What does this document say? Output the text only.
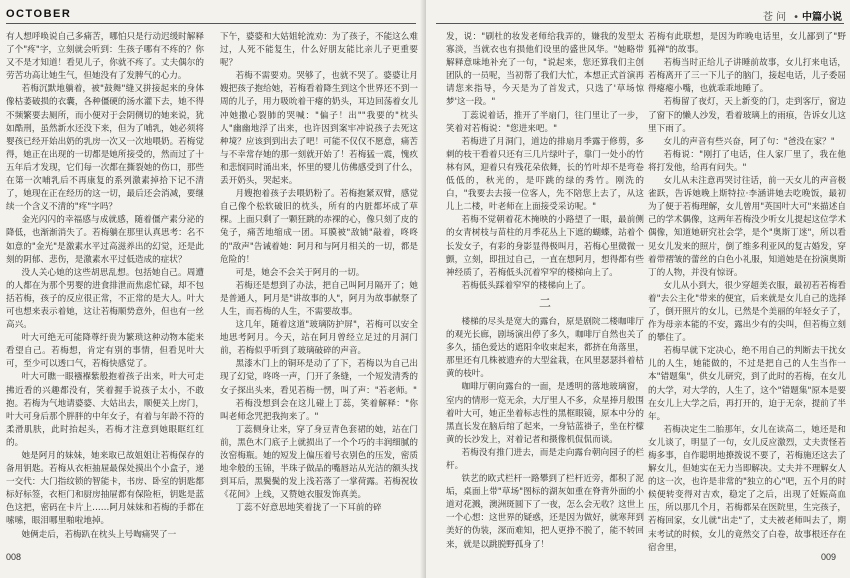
OCTOBER

有人想呼唤说自己多痛苦，哪怕只是行动迟缓时解释了个"疼"字，立刻就会听到：生孩子哪有不疼的？你又不是才知道！看见儿子，你就不疼了。丈夫偶尔的劳苦功高让她生气，但她没有了发脾气的心力。

若梅沉默地躺着，被"鼓舞"缝又拼接起来的身体像枯萎破损的衣囊，各种僵硬的汤水灌下去，她不得不频繁要去厕所，而小便对于会阴侧切的她来说，犹如酷刑，虽然新水还没下来，但为了哺乳，她必须将婴孩已经开始出奶的乳房一次又一次地喂奶。若梅觉得，她正在出现的一切都是她所接受的，然而过了十五年后才发现，它们每一次都在撕裂她的伤口，那些在第一次哺乳后不再康复的系列激素掉拾下记不清了，她现在正在经历的这一切，最后还会消减，要继续一个含义不清的"疼"字吗？

金光闪闪的幸福感与成就感，随着僵产素分泌的降低，也渐渐消失了。若梅躺在那里认真思考：名不如意的"金光"是激素水平过高滋养出的幻觉，还是此刻的阴郁、悲伤，是激素水平过低造成的症状？

没人关心她的这些胡思乱想。包括她自己。周遭的人都在为那个男婴的进食排泄而焦虑忙碌，却不包括若梅，孩子的反应很正常，不正常的是大人。叶大可也想来表示着她，这让若梅顺势意外，但也有一丝高兴。

叶大可绝无可能降尊纡贵为繁琐这种动物本能来看望自己。若梅想，肯定有别的事情，但看见叶大可，至少可以透口气，若梅快感觉了。

叶大可瞧一眼襁褓紫般抱着孩子出来，叶大可走拂近看的兴趣都没有，笑着握手说孩子太小，不敢抱。若梅为气地请婆婆、大姑出去，顺便关上房门，叶大可身后那个胖胖的中年女子，有着与年龄不符的柔滑肌肤，此时抬起头，若梅才注意到她眼眶红红的。

她是阿月的妹妹，她来取已故姐姐让若梅保存的备用钥匙。若梅从衣柜抽屉最保处摸出个小盒子，递一交代：大门指纹锁的智能卡，书房、卧室的钥匙都标好标签，衣柜门和厨房抽屉都有保险柜，钥匙是蓝色这把，密码在卡片上……阿月妹妹和若梅的手都在嗦嗦，眼泪哪里啪啦地掉。

她俩走后，若梅趴在枕头上号啕痛哭了一

下午，婆婆和大姑姐轮流劝：为了孩子，不能这么难过，人死不能复生，什么好朋友能比亲儿子更重要呢？

若梅不需要劝。哭够了，也就不哭了。婆婆让月嫂把孩子抱给她，若梅看着降生到这个世界还不到一周的儿子，用力吸吮着干瘪的奶头，耳边回荡着女儿冲她撒心裂肺的哭喊："偏子！出""我要的"枕头人"幽幽地浮了出来，也许因到案牢冲说孩子去死这种境？应该到到出去了吧！可能不仅仅不愿意，痛苦与不幸常存她的那一刻就开始了！若梅猛一震，愧疚和悲悯同时涌出来，怀里的婴儿仿佛感受到了什么，丢开奶头，哭起来。

月嫂抱着孩子去喂奶粉了。若梅抱紧双臂，感觉自己像个松软破旧的枕头，所有的内脏都坏成了草棵。上面只剩了一颗狂跳的赤裸的心，像只刻了皮的兔子，痛苦地缩成一团。耳膜被"敌铺"敲着，咚咚的"敌声"告诫着她：阿月和与阿月相关的一切，都是危险的！

可是，她会不会关于阿月的一切。

若梅还是想到了办法，把自己叫阿月隔开了；她是普通人，阿月是"讲故事的人"，阿月为故事献祭了人生，而若梅的人生，不需要故事。

这几年，随着这道"玻璃防护屏"，若梅可以安全地思考阿月。今天，站在阿月曾经立足过的月洞门前，若梅似乎听到了玻璃破碎的声音。

黑漆木门上的铜环是动了了下，若梅以为自己出现了幻觉，咚咚一声，门开了条缝，一个短发清秀的女子探出头来，看见若梅一愣，叫了声："若老师。"

若梅没想到会在这儿碰上丁蕊，笑着解释："你叫老师念咒把我拘来了。"

丁蕊侧身让来，穿了身豆青色套裙的她，站在门前，黑色木门底子上就损出了一个个巧的丰润细腻的汝窑梅瓶。她的短发上偏压着号衣别色的压发，密质地伞般的玉锦，半珠子做品的嘴唇站从光洁的额头找到耳后，黑鬓鬓的发上浅若落了一掌荷露。若梅祝妆《花间》上线，又赞她衣服发饰真美。

丁蕊不好意思地笑着拢了一下耳前的碎

008
苍 问 • 中篇小说

发，说："刷杜的妆发老师给我弄的，嫌我的发型太寡淡，当就衣也有损他们设里的盛世风华。"她略带解释意味地补充了一句，"说起来，您还算我们主创团队的一员呢，当初帮了我们大忙，本想正式首演再请您来指导，今天是为了首发式，只选了'草场惊梦'这一段。"

丁蕊说着话，推开了半扇门，往门里让了一步，笑着对若梅说："您进来吧。"

若梅进了月洞门，道边的排扇月季露于修剪，多刺的枝干看着只还有三几片绿叶子，靠门一处小的竹林有风，迎着只有残花朵依舞，长的竹叶却不是弯卷低低的，秋光的，是吓跳的绿的秀竹。刚洗的白，"我要去去接一位客人，先不陪您上去了，从这儿上二楼，叶老师在上面接受采访呢。"

若梅不觉朝着花木掩映的小路望了一眼，最前侧的女青树枝与苗柱的月季花丛上下遮的蝴蝶，站着个长发女子，有彩的身影显得极叫月，若梅心里微微一颤，立刻，即扭过自己，一直在想阿月，想得都有些神经质了，若梅低头沉着窄窄的楼梯向上了。

若梅低头踩着窄窄的楼梯向上了。

二

楼梯的尽头是宽大的露台，原是剧院二楼咖啡厅的观光长廊，剧场演出停了多久，咖啡厅自然也关了多久，插色爱达的遮阳伞收束起来，都挤在角落里，那里还有几株被遗弃的大型盆栽，在风里瑟瑟抖着枯黄的枝叶。

咖啡厅朝向露台的一面，是透明的落地玻璃窗，室内的情形一览无余，大厅里人不多，众星捧月般围着叶大可，她正坐着标志性的黑框眼镜，原本中分的黑直长发在脑后绾了起来，一身钴蓝褂子，坐在柠檬黄的长沙发上，对着记者和摄像机侃侃而谈。

若梅没有推门进去，而是走向露台朝向园子的栏杆。

铁艺的欧式栏杆一路攀到了栏杆近旁，都积了泥垢，桌面上带"草场"图标的湖灰如重在脊背外面的小道对花溅，澳洲斑圆下了一夜，怎么会无收？这世上一个心想：这世界的疑惑，还是因为做好，就寒拜到美好的伪装，深而难知，把人更挣不脱了，能不转回来，就是以跳脱野孤身了！

若梅有此联想，是因为昨晚电话里，女儿鄙到了"野狐禅"的故事。

若梅当时正给儿子讲睡前故事，女儿打来电话，若梅离开了三一下儿子的脑门，接起电话，儿子委屈得瘪瘪小嘴，也就乖乖地睡了。

若梅留了夜灯，天上新变的门，走到客厅，窗边了窗下的懒人沙发，看着玻璃上的雨痕，告诉女儿这里下雨了。

女儿的声音有些兴奋，阿了句："爸没在家？"

若梅说："刚打了电话，住人家厂里了，我在他将打发他，给再有问失。"

女儿从未注意再哭讨往话，前一天女儿的声音极雀跃，告诉她晚上斯特拉·李涵讲她去吃晚饭，最初为了便于若梅理解，女儿曾用"英国叶大可"来描述自己的学术偶像，这两年若梅没少听女儿提起这位学术偶像，知道她研究社会学，是个"奥斯丁迷"，所以看见女儿发来的照片，倒了维多利亚风的复古婚发，穿着带褶皱的蕾丝的白色小礼服，知道她是在扮演奥斯丁的人物，并没有惊讶。

女儿从小到大，很少穿超美衣服，最初若若梅看着"去公主化"带来的便宜，后来就是女儿自己的选择了，倒开照片的女儿，已然是个美丽的年轻女子了，作为母亲本能的不安，露出少有的尖叫，但若梅立刻的攀住了。

若梅早就下定决心，绝不用自己的判断去干扰女儿的人生，她能做的，不过是把自己的人生当作一本"错题集"，供女儿研究，到了此时的若梅，在女儿的大学，对大学的，人生了，这个"错题集"原本是要在女儿上大学之后，再打开的，迫于无奈，提前了半年。

若梅决定生二胎那年，女儿在读高二，她还是和女儿谈了，明显了一句，女儿反应激烈，丈夫责怪若梅多事，自作聪明地撩拨说不要了，若梅施还这去了解女儿，但她实在无力当即解决。丈夫并不理解女人的这一次，也许是非常的"独立的心"吧，五个月的时候便转变得对吉欢，稳定了之后，出现了妊娠高血压，所以那几个月，若梅都呆在医院里，生完孩子，若梅回家，女儿就"出走"了，丈夫被老师叫去了，期末考试的时候，女儿的竟然交了白卷，故事根还存在宿舍里，

009
